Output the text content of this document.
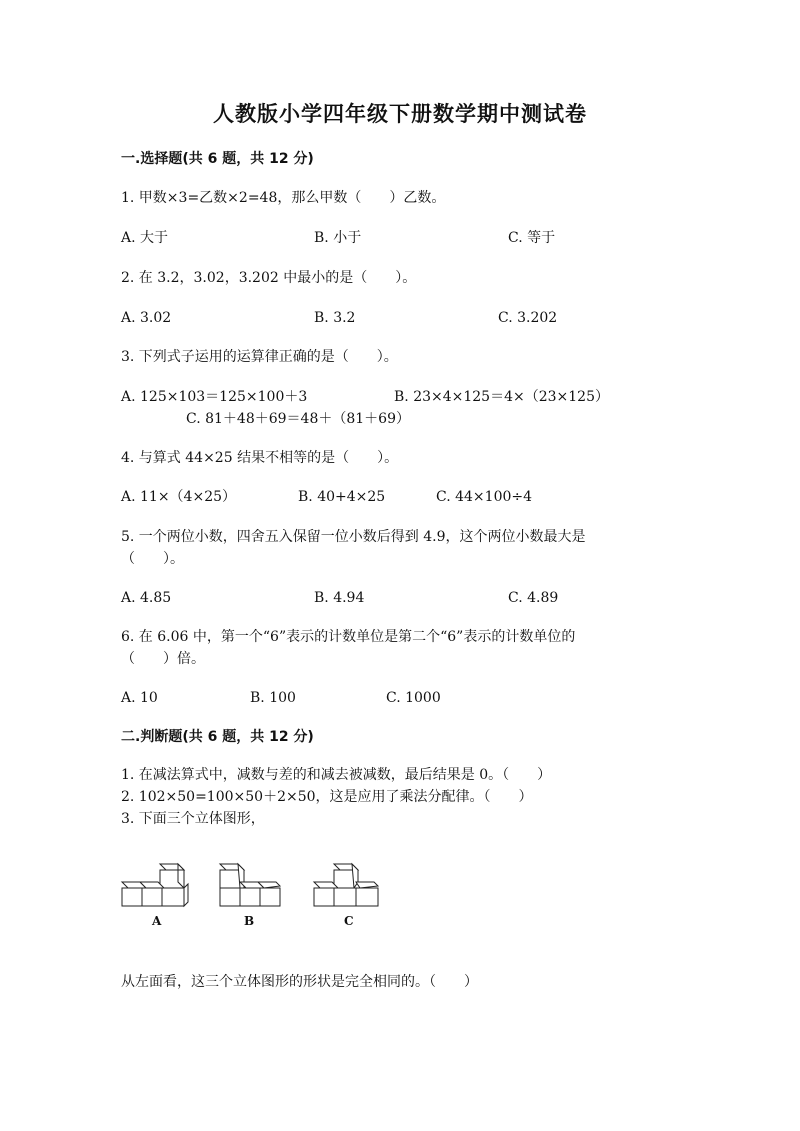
人教版小学四年级下册数学期中测试卷
一.选择题(共 6 题，共 12 分)
1. 甲数×3=乙数×2=48，那么甲数（　　）乙数。
A. 大于	B. 小于	C. 等于
2. 在 3.2，3.02，3.202 中最小的是（　　）。
A. 3.02	B. 3.2	C. 3.202
3. 下列式子运用的运算律正确的是（　　）。
A. 125×103＝125×100＋3	B. 23×4×125＝4×（23×125）
C. 81＋48＋69＝48＋（81＋69）
4. 与算式 44×25 结果不相等的是（　　）。
A. 11×（4×25）	B. 40+4×25	C. 44×100÷4
5. 一个两位小数，四舍五入保留一位小数后得到 4.9，这个两位小数最大是
（　　）。
A. 4.85	B. 4.94	C. 4.89
6. 在 6.06 中，第一个“6”表示的计数单位是第二个“6”表示的计数单位的
（　　）倍。
A. 10	B. 100	C. 1000
二.判断题(共 6 题，共 12 分)
1. 在减法算式中，减数与差的和减去被减数，最后结果是 0。（　　）
2. 102×50=100×50＋2×50，这是应用了乘法分配律。（　　）
3. 下面三个立体图形，
A	B	C
从左面看，这三个立体图形的形状是完全相同的。（　　）
